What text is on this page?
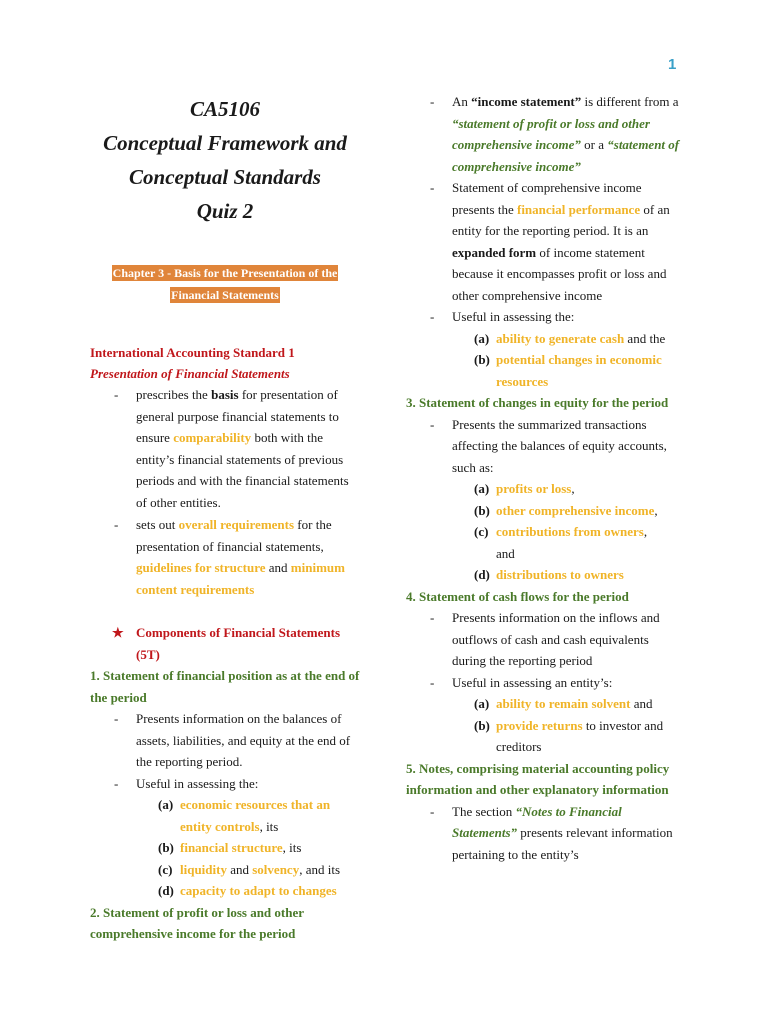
1
CA5106
Conceptual Framework and
Conceptual Standards
Quiz 2
Chapter 3 - Basis for the Presentation of the
Financial Statements
International Accounting Standard 1
Presentation of Financial Statements
- prescribes the basis for presentation of general purpose financial statements to ensure comparability both with the entity’s financial statements of previous periods and with the financial statements of other entities.
- sets out overall requirements for the presentation of financial statements, guidelines for structure and minimum content requirements
★ Components of Financial Statements (5T)
1. Statement of financial position as at the end of the period
- Presents information on the balances of assets, liabilities, and equity at the end of the reporting period.
- Useful in assessing the:
(a) economic resources that an entity controls, its
(b) financial structure, its
(c) liquidity and solvency, and its
(d) capacity to adapt to changes
2. Statement of profit or loss and other comprehensive income for the period
- An “income statement” is different from a “statement of profit or loss and other comprehensive income” or a “statement of comprehensive income”
- Statement of comprehensive income presents the financial performance of an entity for the reporting period. It is an expanded form of income statement because it encompasses profit or loss and other comprehensive income
- Useful in assessing the:
(a) ability to generate cash and the
(b) potential changes in economic resources
3. Statement of changes in equity for the period
- Presents the summarized transactions affecting the balances of equity accounts, such as:
(a) profits or loss,
(b) other comprehensive income,
(c) contributions from owners,
and
(d) distributions to owners
4. Statement of cash flows for the period
- Presents information on the inflows and outflows of cash and cash equivalents during the reporting period
- Useful in assessing an entity’s:
(a) ability to remain solvent and
(b) provide returns to investor and creditors
5. Notes, comprising material accounting policy information and other explanatory information
- The section “Notes to Financial Statements” presents relevant information pertaining to the entity’s
